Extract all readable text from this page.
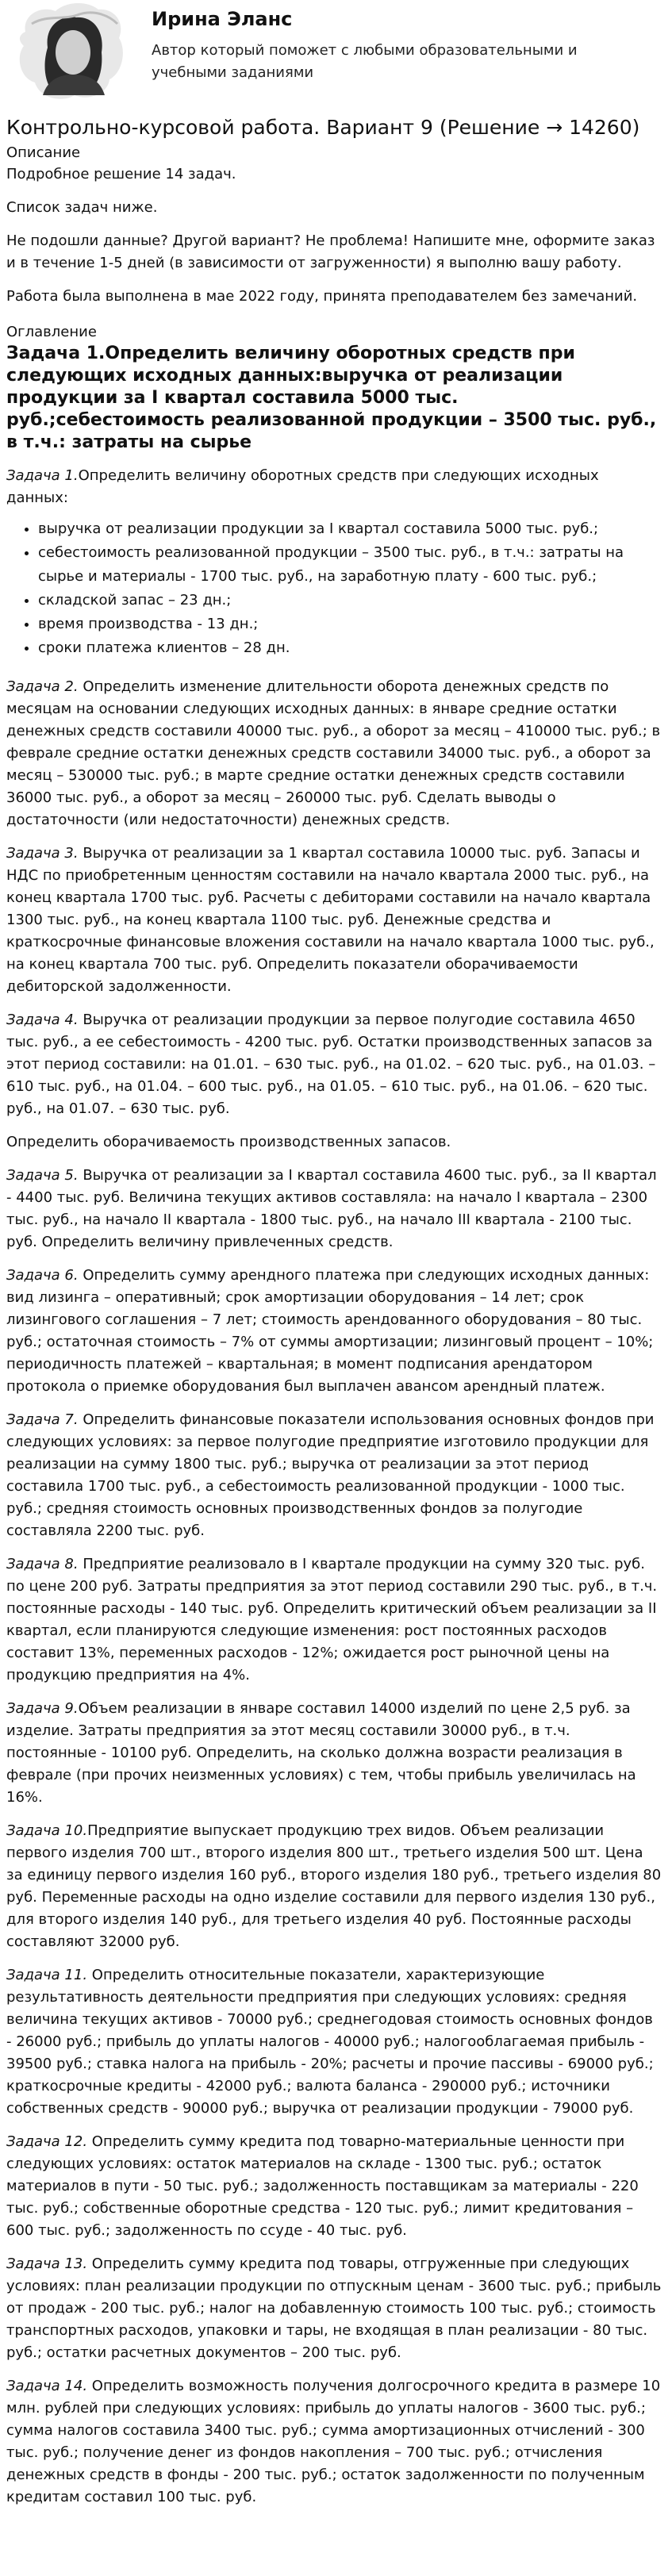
Ирина Эланс
Автор который поможет с любыми образовательными и учебными заданиями
Контрольно-курсовой работа. Вариант 9 (Решение → 14260)
Описание

Подробное решение 14 задач.

Список задач ниже.

Не подошли данные? Другой вариант? Не проблема! Напишите мне, оформите заказ и в течение 1-5 дней (в зависимости от загруженности) я выполню вашу работу.

Работа была выполнена в мае 2022 году, принята преподавателем без замечаний.

Оглавление
Задача 1.Определить величину оборотных средств при следующих исходных данных:выручка от реализации продукции за I квартал составила 5000 тыс. руб.;себестоимость реализованной продукции – 3500 тыс. руб., в т.ч.: затраты на сырье
Задача 1.Определить величину оборотных средств при следующих исходных данных:
• выручка от реализации продукции за I квартал составила 5000 тыс. руб.;
• себестоимость реализованной продукции – 3500 тыс. руб., в т.ч.: затраты на сырье и материалы - 1700 тыс. руб., на заработную плату - 600 тыс. руб.;
• складской запас – 23 дн.;
• время производства - 13 дн.;
• сроки платежа клиентов – 28 дн.
Задача 2. Определить изменение длительности оборота денежных средств по месяцам на основании следующих исходных данных: в январе средние остатки денежных средств составили 40000 тыс. руб., а оборот за месяц – 410000 тыс. руб.; в феврале средние остатки денежных средств составили 34000 тыс. руб., а оборот за месяц – 530000 тыс. руб.; в марте средние остатки денежных средств составили 36000 тыс. руб., а оборот за месяц – 260000 тыс. руб. Сделать выводы о достаточности (или недостаточности) денежных средств.
Задача 3. Выручка от реализации за 1 квартал составила 10000 тыс. руб. Запасы и НДС по приобретенным ценностям составили на начало квартала 2000 тыс. руб., на конец квартала 1700 тыс. руб. Расчеты с дебиторами составили на начало квартала 1300 тыс. руб., на конец квартала 1100 тыс. руб. Денежные средства и краткосрочные финансовые вложения составили на начало квартала 1000 тыс. руб., на конец квартала 700 тыс. руб. Определить показатели оборачиваемости дебиторской задолженности.
Задача 4. Выручка от реализации продукции за первое полугодие составила 4650 тыс. руб., а ее себестоимость - 4200 тыс. руб. Остатки производственных запасов за этот период составили: на 01.01. – 630 тыс. руб., на 01.02. – 620 тыс. руб., на 01.03. – 610 тыс. руб., на 01.04. – 600 тыс. руб., на 01.05. – 610 тыс. руб., на 01.06. – 620 тыс. руб., на 01.07. – 630 тыс. руб.
Определить оборачиваемость производственных запасов.
Задача 5. Выручка от реализации за I квартал составила 4600 тыс. руб., за II квартал - 4400 тыс. руб. Величина текущих активов составляла: на начало I квартала – 2300 тыс. руб., на начало II квартала - 1800 тыс. руб., на начало III квартала - 2100 тыс. руб. Определить величину привлеченных средств.
Задача 6. Определить сумму арендного платежа при следующих исходных данных: вид лизинга – оперативный; срок амортизации оборудования – 14 лет; срок лизингового соглашения – 7 лет; стоимость арендованного оборудования – 80 тыс. руб.; остаточная стоимость – 7% от суммы амортизации; лизинговый процент – 10%; периодичность платежей – квартальная; в момент подписания арендатором протокола о приемке оборудования был выплачен авансом арендный платеж.
Задача 7. Определить финансовые показатели использования основных фондов при следующих условиях: за первое полугодие предприятие изготовило продукции для реализации на сумму 1800 тыс. руб.; выручка от реализации за этот период составила 1700 тыс. руб., а себестоимость реализованной продукции - 1000 тыс. руб.; средняя стоимость основных производственных фондов за полугодие составляла 2200 тыс. руб.
Задача 8. Предприятие реализовало в I квартале продукции на сумму 320 тыс. руб. по цене 200 руб. Затраты предприятия за этот период составили 290 тыс. руб., в т.ч. постоянные расходы - 140 тыс. руб. Определить критический объем реализации за II квартал, если планируются следующие изменения: рост постоянных расходов составит 13%, переменных расходов - 12%; ожидается рост рыночной цены на продукцию предприятия на 4%.
Задача 9.Объем реализации в январе составил 14000 изделий по цене 2,5 руб. за изделие. Затраты предприятия за этот месяц составили 30000 руб., в т.ч. постоянные - 10100 руб. Определить, на сколько должна возрасти реализация в феврале (при прочих неизменных условиях) с тем, чтобы прибыль увеличилась на 16%.
Задача 10.Предприятие выпускает продукцию трех видов. Объем реализации первого изделия 700 шт., второго изделия 800 шт., третьего изделия 500 шт. Цена за единицу первого изделия 160 руб., второго изделия 180 руб., третьего изделия 80 руб. Переменные расходы на одно изделие составили для первого изделия 130 руб., для второго изделия 140 руб., для третьего изделия 40 руб. Постоянные расходы составляют 32000 руб.
Задача 11. Определить относительные показатели, характеризующие результативность деятельности предприятия при следующих условиях: средняя величина текущих активов - 70000 руб.; среднегодовая стоимость основных фондов - 26000 руб.; прибыль до уплаты налогов - 40000 руб.; налогооблагаемая прибыль - 39500 руб.; ставка налога на прибыль - 20%; расчеты и прочие пассивы - 69000 руб.; краткосрочные кредиты - 42000 руб.; валюта баланса - 290000 руб.; источники собственных средств - 90000 руб.; выручка от реализации продукции - 79000 руб.
Задача 12. Определить сумму кредита под товарно-материальные ценности при следующих условиях: остаток материалов на складе - 1300 тыс. руб.; остаток материалов в пути - 50 тыс. руб.; задолженность поставщикам за материалы - 220 тыс. руб.; собственные оборотные средства - 120 тыс. руб.; лимит кредитования – 600 тыс. руб.; задолженность по ссуде - 40 тыс. руб.
Задача 13. Определить сумму кредита под товары, отгруженные при следующих условиях: план реализации продукции по отпускным ценам - 3600 тыс. руб.; прибыль от продаж - 200 тыс. руб.; налог на добавленную стоимость 100 тыс. руб.; стоимость транспортных расходов, упаковки и тары, не входящая в план реализации - 80 тыс. руб.; остатки расчетных документов – 200 тыс. руб.
Задача 14. Определить возможность получения долгосрочного кредита в размере 10 млн. рублей при следующих условиях: прибыль до уплаты налогов - 3600 тыс. руб.; сумма налогов составила 3400 тыс. руб.; сумма амортизационных отчислений - 300 тыс. руб.; получение денег из фондов накопления – 700 тыс. руб.; отчисления денежных средств в фонды - 200 тыс. руб.; остаток задолженности по полученным кредитам составил 100 тыс. руб.
